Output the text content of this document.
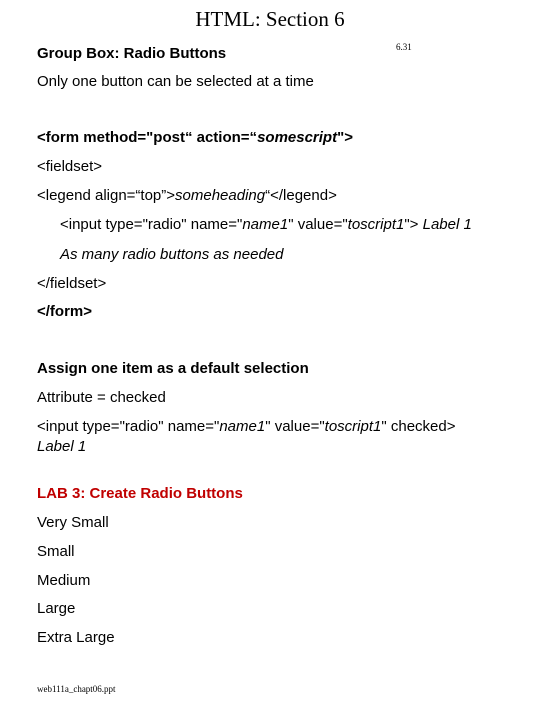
HTML: Section 6
Group Box: Radio Buttons	6.31
Only one button can be selected at a time
<form method="post“ action=“somescript">
<fieldset>
<legend align=“top”>someheading“</legend>
<input type="radio" name="name1" value="toscript1"> Label 1
As many radio buttons as needed
</fieldset>
</form>
Assign one item as a default selection
Attribute = checked
<input type="radio" name="name1" value="toscript1" checked>
Label 1
LAB 3: Create Radio Buttons
Very Small
Small
Medium
Large
Extra Large
web111a_chapt06.ppt
